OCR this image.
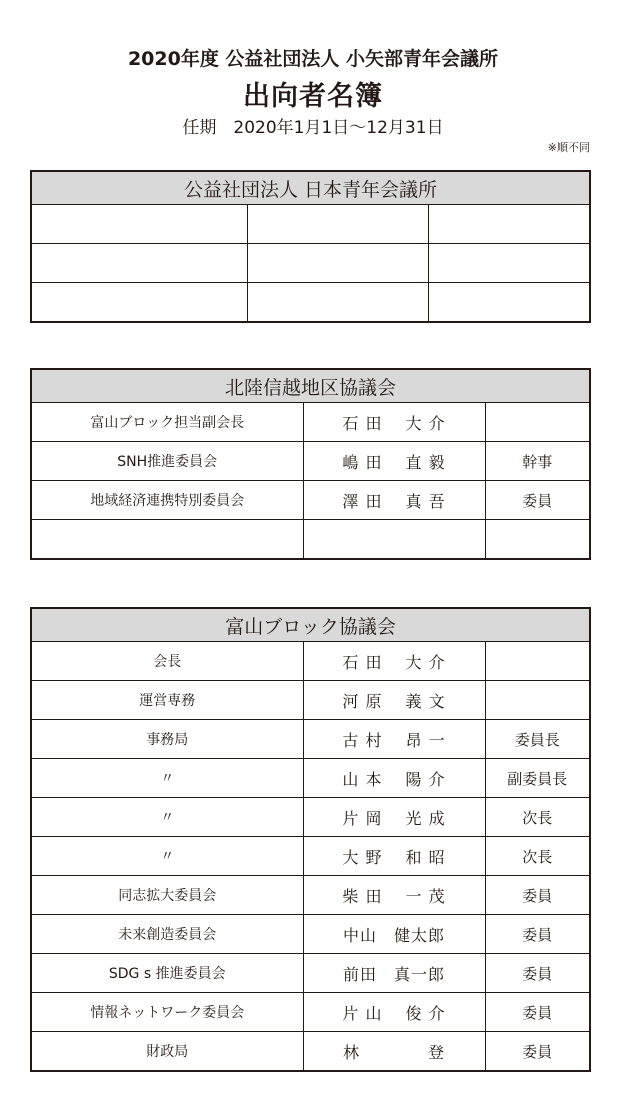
2020年度 公益社団法人 小矢部青年会議所
出向者名簿
任期　2020年1月1日〜12月31日
※順不同
公益社団法人 日本青年会議所		

北陸信越地区協議会		
富山ブロック担当副会長	石 田　 大 介	
SNH推進委員会	嶋 田　 直 毅	幹事
地域経済連携特別委員会	澤 田　 真 吾	委員

富山ブロック協議会		
会長	石 田　 大 介	
運営専務	河 原　 義 文	
事務局	古 村　 昂 一	委員長
〃	山 本　 陽 介	副委員長
〃	片 岡　 光 成	次長
〃	大 野　 和 昭	次長
同志拡大委員会	柴 田　 一 茂	委員
未来創造委員会	中山　健太郎	委員
SDG s 推進委員会	前田　真一郎	委員
情報ネットワーク委員会	片 山　 俊 介	委員
財政局	林　　　　登	委員
